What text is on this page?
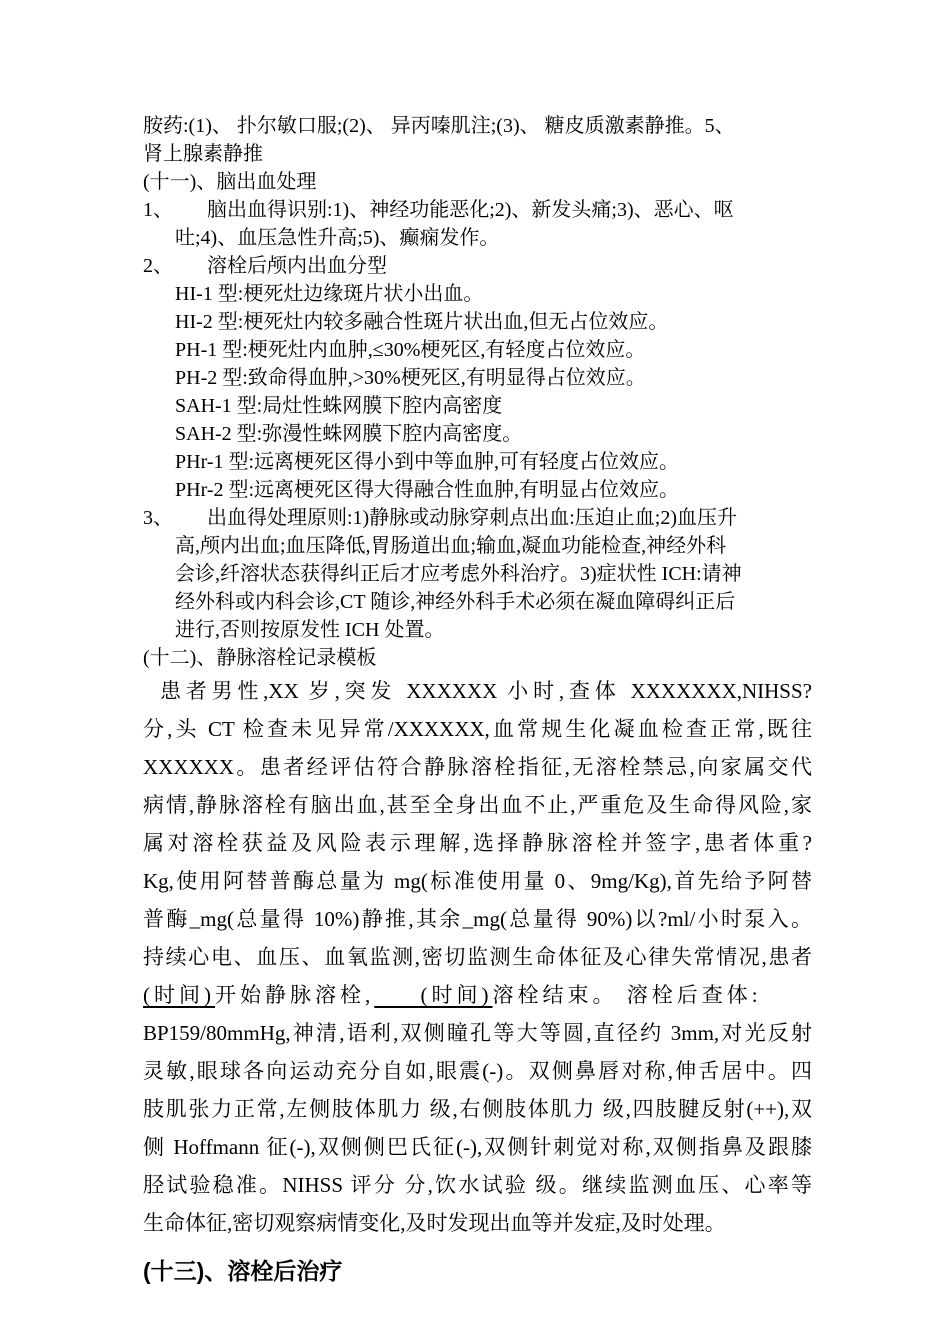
胺药:(1)、 扑尔敏口服;(2)、 异丙嗪肌注;(3)、 糖皮质激素静推。5、
肾上腺素静推
(十一)、脑出血处理
1、	脑出血得识别:1)、神经功能恶化;2)、新发头痛;3)、恶心、呕
吐;4)、血压急性升高;5)、癫痫发作。
2、	溶栓后颅内出血分型
HI-1 型:梗死灶边缘斑片状小出血。
HI-2 型:梗死灶内较多融合性斑片状出血,但无占位效应。
PH-1 型:梗死灶内血肿,≤30%梗死区,有轻度占位效应。
PH-2 型:致命得血肿,>30%梗死区,有明显得占位效应。
SAH-1 型:局灶性蛛网膜下腔内高密度
SAH-2 型:弥漫性蛛网膜下腔内高密度。
PHr-1 型:远离梗死区得小到中等血肿,可有轻度占位效应。
PHr-2 型:远离梗死区得大得融合性血肿,有明显占位效应。
3、	出血得处理原则:1)静脉或动脉穿刺点出血:压迫止血;2)血压升
高,颅内出血;血压降低,胃肠道出血;输血,凝血功能检查,神经外科
会诊,纤溶状态获得纠正后才应考虑外科治疗。3)症状性 ICH:请神
经外科或内科会诊,CT 随诊,神经外科手术必须在凝血障碍纠正后
进行,否则按原发性 ICH 处置。
(十二)、静脉溶栓记录模板
患者男性,XX 岁,突发 XXXXXX 小时,查体 XXXXXXX,NIHSS?
分,头 CT 检查未见异常/XXXXXX,血常规生化凝血检查正常,既往
XXXXXX。患者经评估符合静脉溶栓指征,无溶栓禁忌,向家属交代
病情,静脉溶栓有脑出血,甚至全身出血不止,严重危及生命得风险,家
属对溶栓获益及风险表示理解,选择静脉溶栓并签字,患者体重?
Kg,使用阿替普酶总量为 mg(标准使用量 0、9mg/Kg),首先给予阿替
普酶_mg(总量得 10%)静推,其余_mg(总量得 90%)以?ml/小时泵入。
持续心电、血压、血氧监测,密切监测生命体征及心律失常情况,患者
(时间)开始静脉溶栓, (时间)溶栓结束。 溶栓后查体:
BP159/80mmHg,神清,语利,双侧瞳孔等大等圆,直径约 3mm,对光反射
灵敏,眼球各向运动充分自如,眼震(-)。双侧鼻唇对称,伸舌居中。四
肢肌张力正常,左侧肢体肌力 级,右侧肢体肌力 级,四肢腱反射(++),双
侧 Hoffmann 征(-),双侧侧巴氏征(-),双侧针刺觉对称,双侧指鼻及跟膝
胫试验稳准。NIHSS 评分 分,饮水试验 级。继续监测血压、心率等
生命体征,密切观察病情变化,及时发现出血等并发症,及时处理。
(十三)、溶栓后治疗
